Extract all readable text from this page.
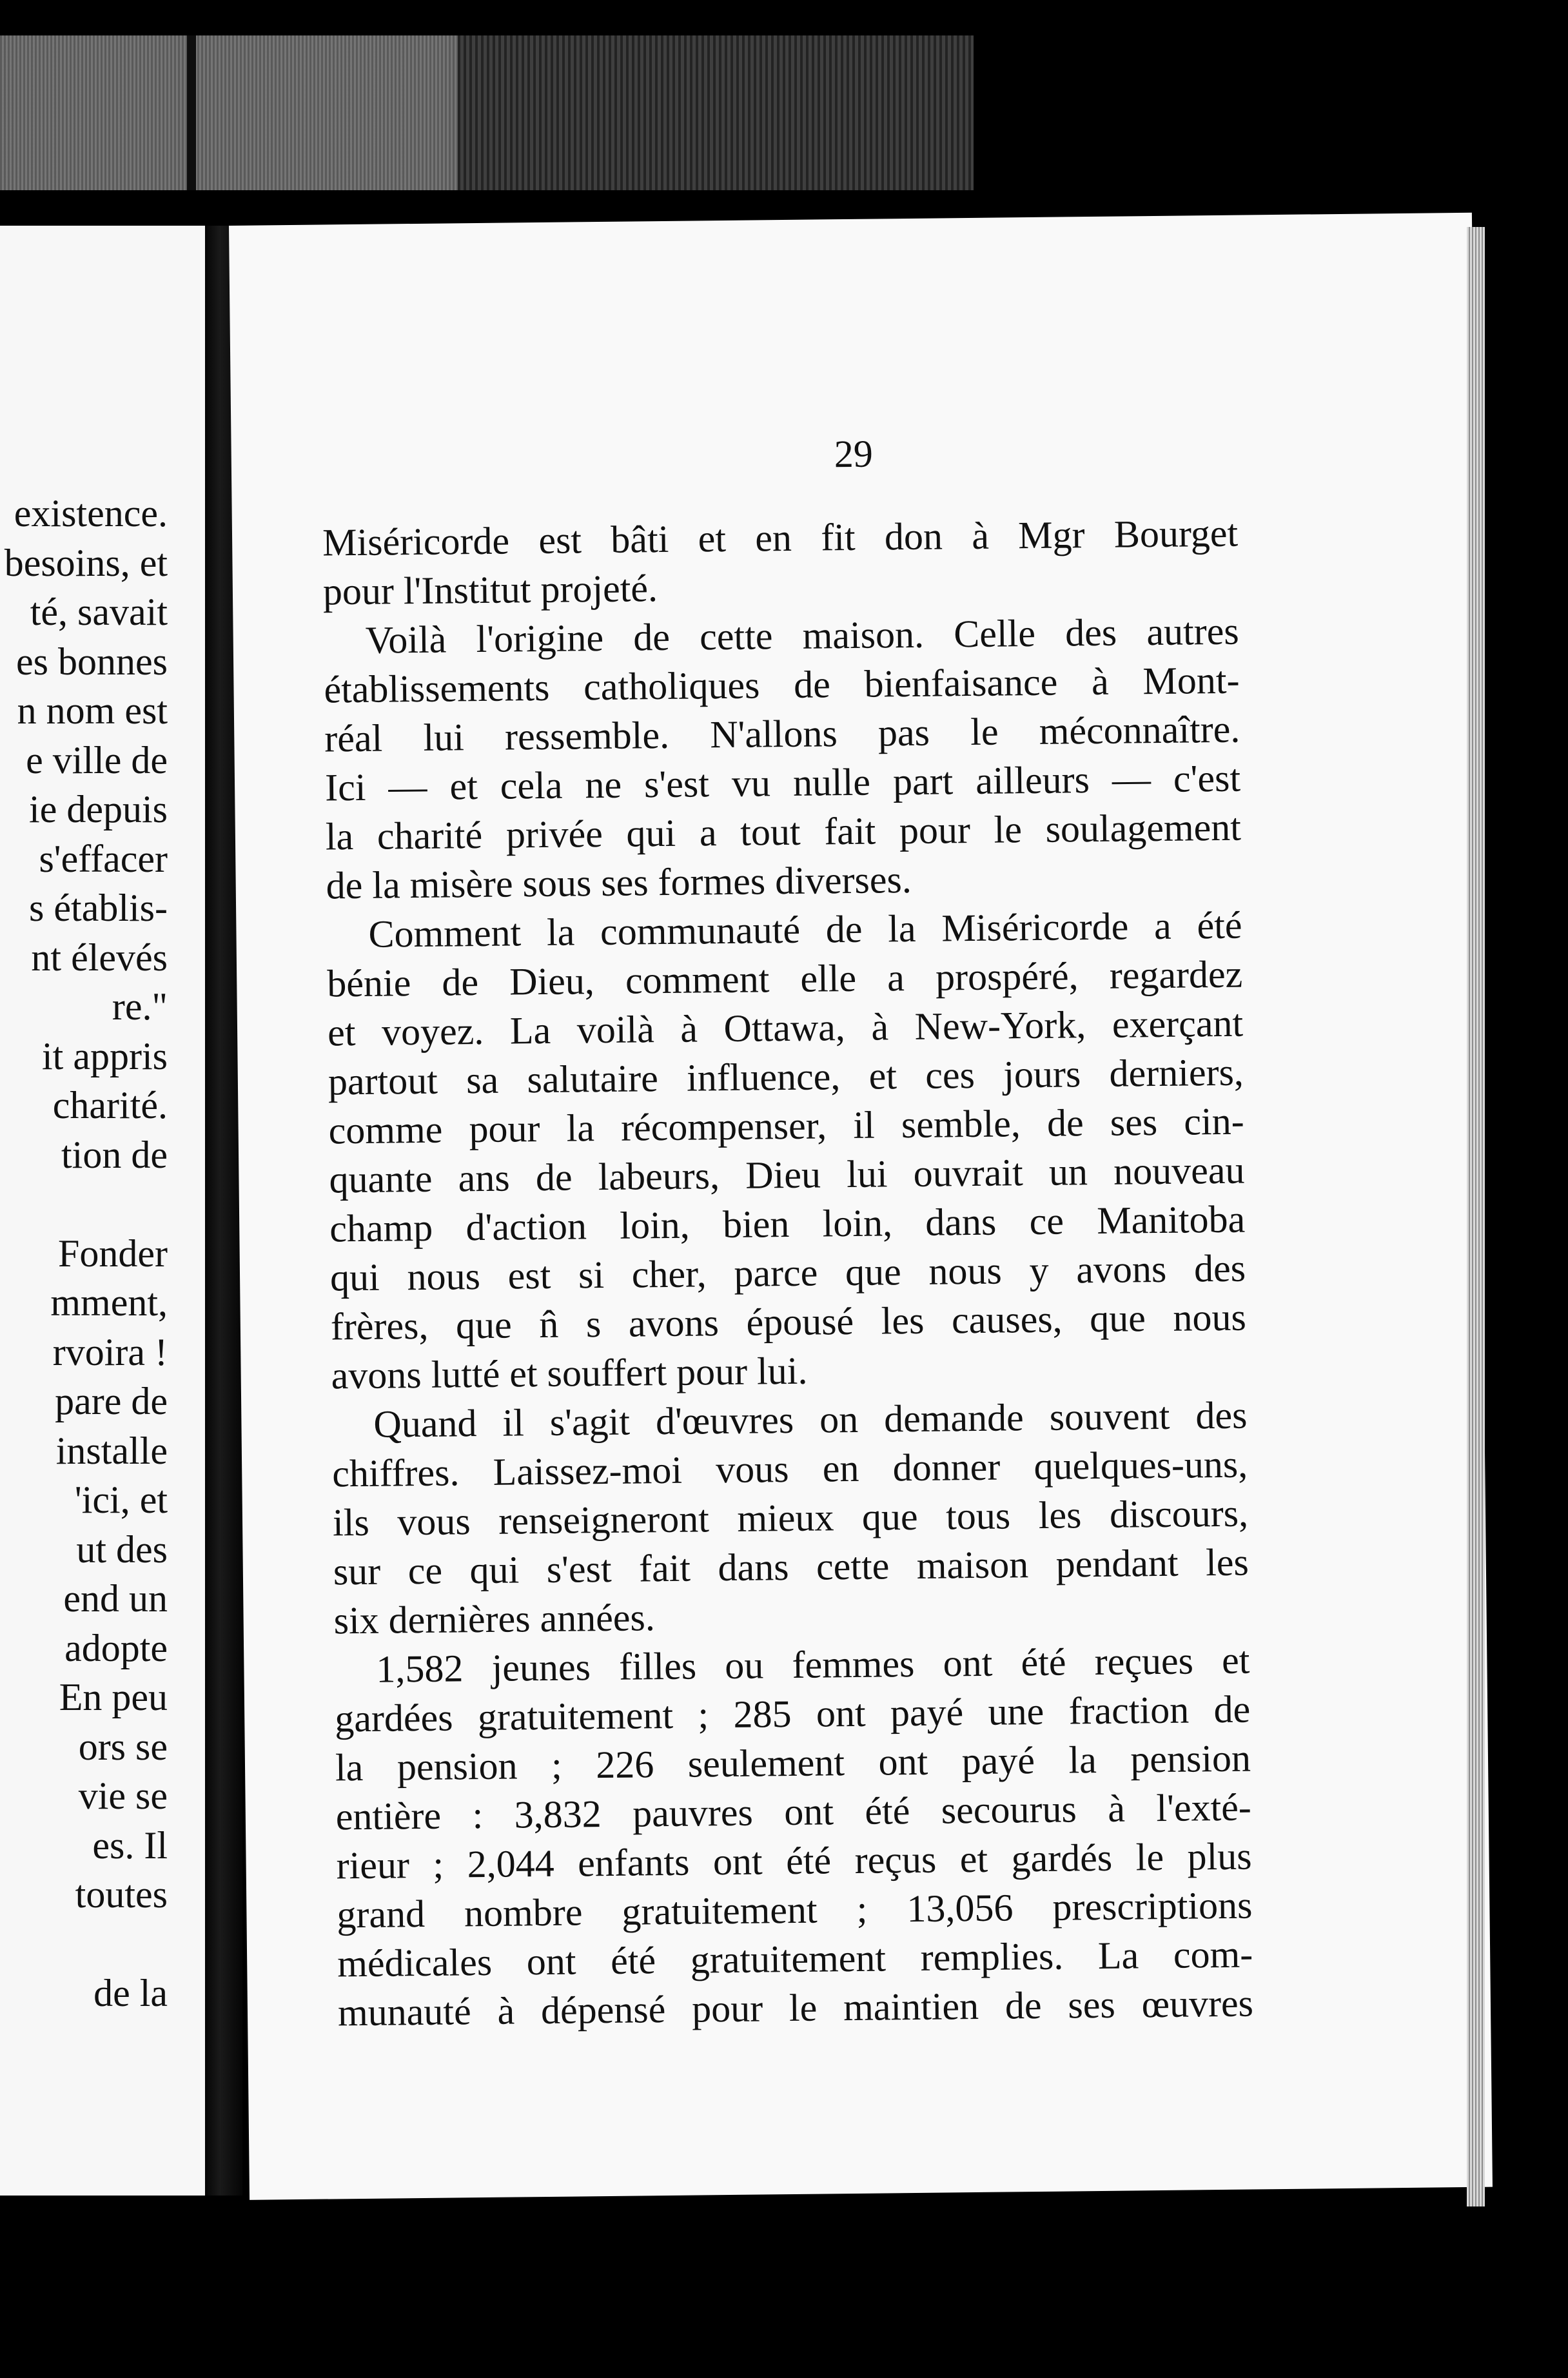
existence.
besoins, et
té, savait
es bonnes
n nom est
e ville de
ie depuis
s'effacer
s établis-
nt élevés
re."
it appris
charité.
tion de
Fonder
mment,
rvoira !
pare de
installe
'ici, et
ut des
end un
adopte
En peu
ors se
vie se
es. Il
toutes
de la
29
Miséricorde est bâti et en fit don à Mgr Bourget
pour l'Institut projeté.
Voilà l'origine de cette maison. Celle des autres
établissements catholiques de bienfaisance à Mont-
réal lui ressemble. N'allons pas le méconnaître.
Ici — et cela ne s'est vu nulle part ailleurs — c'est
la charité privée qui a tout fait pour le soulagement
de la misère sous ses formes diverses.
Comment la communauté de la Miséricorde a été
bénie de Dieu, comment elle a prospéré, regardez
et voyez. La voilà à Ottawa, à New-York, exerçant
partout sa salutaire influence, et ces jours derniers,
comme pour la récompenser, il semble, de ses cin-
quante ans de labeurs, Dieu lui ouvrait un nouveau
champ d'action loin, bien loin, dans ce Manitoba
qui nous est si cher, parce que nous y avons des
frères, que n̂ s avons épousé les causes, que nous
avons lutté et souffert pour lui.
Quand il s'agit d'œuvres on demande souvent des
chiffres. Laissez-moi vous en donner quelques-uns,
ils vous renseigneront mieux que tous les discours,
sur ce qui s'est fait dans cette maison pendant les
six dernières années.
1,582 jeunes filles ou femmes ont été reçues et
gardées gratuitement ; 285 ont payé une fraction de
la pension ; 226 seulement ont payé la pension
entière : 3,832 pauvres ont été secourus à l'exté-
rieur ; 2,044 enfants ont été reçus et gardés le plus
grand nombre gratuitement ; 13,056 prescriptions
médicales ont été gratuitement remplies. La com-
munauté à dépensé pour le maintien de ses œuvres
